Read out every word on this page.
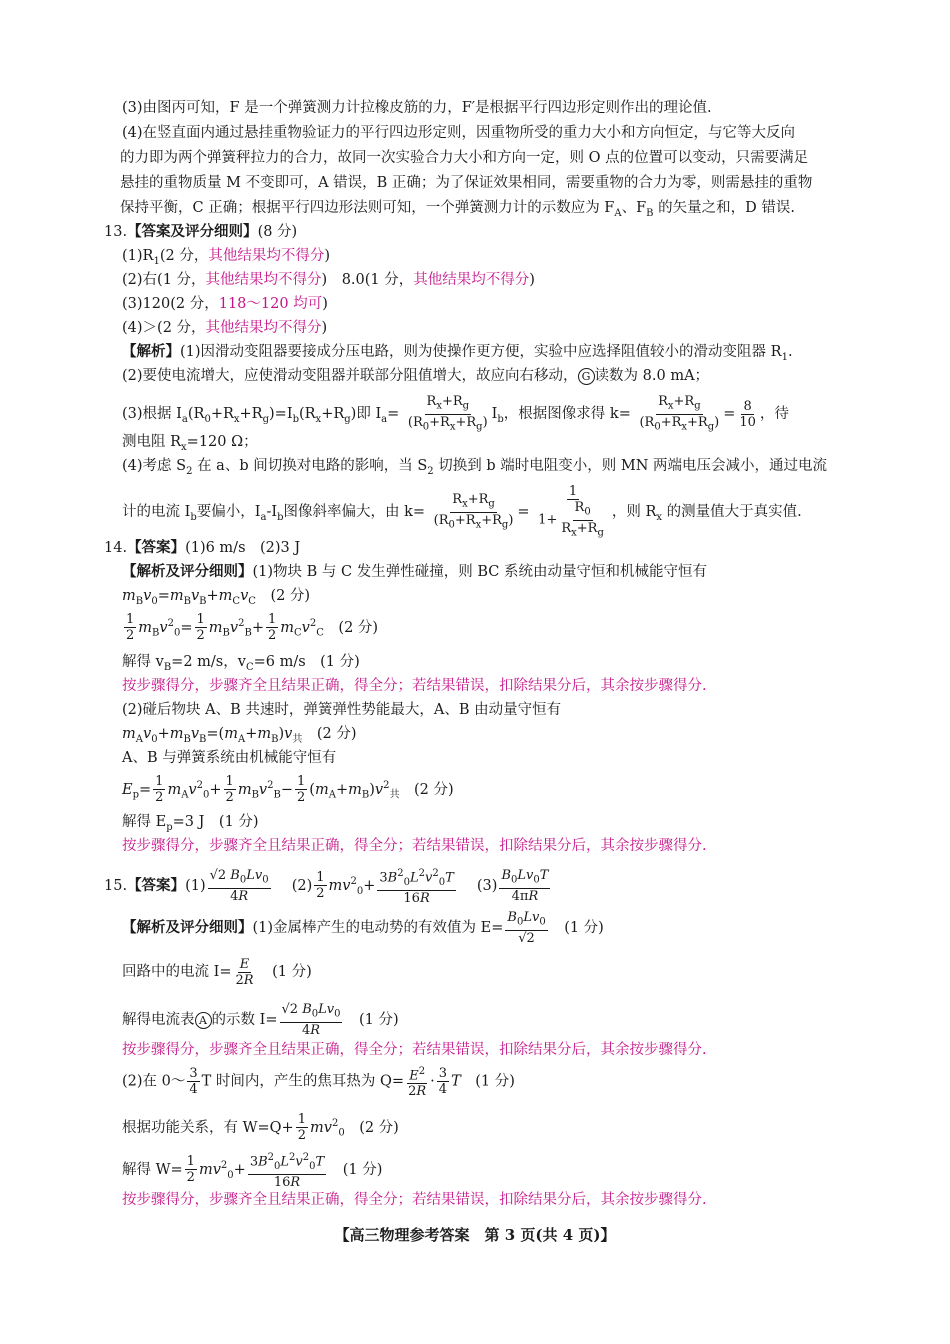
(3)由图丙可知，F 是一个弹簧测力计拉橡皮筋的力，F′是根据平行四边形定则作出的理论值.
(4)在竖直面内通过悬挂重物验证力的平行四边形定则，因重物所受的重力大小和方向恒定，与它等大反向
的力即为两个弹簧秤拉力的合力，故同一次实验合力大小和方向一定，则 O 点的位置可以变动，只需要满足
悬挂的重物质量 M 不变即可，A 错误，B 正确；为了保证效果相同，需要重物的合力为零，则需悬挂的重物
保持平衡，C 正确；根据平行四边形法则可知，一个弹簧测力计的示数应为 $F_A$、$F_B$ 的矢量之和，D 错误.
13.【答案及评分细则】(8 分)
$(1)R_1(2$ 分，其他结果均不得分)
(2)右(1 分，其他结果均不得分)　8.0(1 分，其他结果均不得分)
(3)120(2 分，118～120 均可)
(4)＞(2 分，其他结果均不得分)
【解析】(1)因滑动变阻器要接成分压电路，则为使操作更方便，实验中应选择阻值较小的滑动变阻器 $R_1$.
(2)要使电流增大，应使滑动变阻器并联部分阻值增大，故应向右移动， G 读数为 8.0 mA；
(3)根据 $I_a(R_0+R_x+R_g)=I_b(R_x+R_g)$即 $I_a= \frac{R_x+R_g}{(R_0+R_x+R_g)} I_b$，根据图像求得 $k= \frac{R_x+R_g}{(R_0+R_x+R_g)} = \frac{8}{10}$ ，待
测电阻 $R_x=120$ Ω；
(4)考虑 $S_2$ 在 a、b 间切换对电路的影响，当 $S_2$ 切换到 b 端时电阻变小，则 MN 两端电压会减小，通过电流
计的电流 $I_b$要偏小，$I_a-I_b$图像斜率偏大，由 $k= \frac{R_x+R_g}{(R_0+R_x+R_g)} = \frac{1}{1+ \frac{R_0}{R_x+R_g}}$ ，则 $R_x$ 的测量值大于真实值.
14.【答案】(1)6 m/s　(2)3 J
【解析及评分细则】(1)物块 B 与 C 发生弹性碰撞，则 BC 系统由动量守恒和机械能守恒有
$m_Bv_0=m_Bv_B+m_Cv_C$　 (2 分)
$\frac{1}{2} m_Bv^2_0= \frac{1}{2} m_Bv^2_B+ \frac{1}{2} m_Cv^2_C$　 (2 分)
解得 $v_B=2$ m/s，$v_C=6$ m/s　(1 分)
按步骤得分，步骤齐全且结果正确，得全分；若结果错误，扣除结果分后，其余按步骤得分.
(2)碰后物块 A、B 共速时，弹簧弹性势能最大，A、B 由动量守恒有
$m_Av_0+m_Bv_B=(m_A+m_B)v_共$　 (2 分)
A、B 与弹簧系统由机械能守恒有
$E_p= \frac{1}{2} m_Av^2_0+ \frac{1}{2} m_Bv^2_B- \frac{1}{2} (m_A+m_B)v^2_共$　 (2 分)
解得 $E_p=3$ J　(1 分)
按步骤得分，步骤齐全且结果正确，得全分；若结果错误，扣除结果分后，其余按步骤得分.
15.【答案】$(1) \frac{√2 B_0Lv_0}{4R}$
　 $(2) \frac{1}{2} mv^2_0+ \frac{3B^2_0L^2v^2_0T}{16R}$
　 $(3) \frac{B_0Lv_0T}{4\pi R}$
【解析及评分细则】(1)金属棒产生的电动势的有效值为 $E= \frac{B_0Lv_0}{√2}$
　 (1 分)
回路中的电流 $I= \frac{E}{2R}$
　 (1 分)
解得电流表 A 的示数 $I= \frac{√2 B_0Lv_0}{4R}$
　 (1 分)
按步骤得分，步骤齐全且结果正确，得全分；若结果错误，扣除结果分后，其余按步骤得分.
(2)在 0～ $\frac{3}{4}$ T 时间内，产生的焦耳热为 $Q= \frac{E^2}{2R} \cdot \frac{3}{4}$ T　 (1 分)
根据功能关系，有 $W=Q+ \frac{1}{2} mv^2_0$　 (2 分)
解得 $W= \frac{1}{2} mv^2_0+ \frac{3B^2_0L^2v^2_0T}{16R}$
　 (1 分)
按步骤得分，步骤齐全且结果正确，得全分；若结果错误，扣除结果分后，其余按步骤得分.
【高三物理参考答案　第 3 页(共 4 页)】
